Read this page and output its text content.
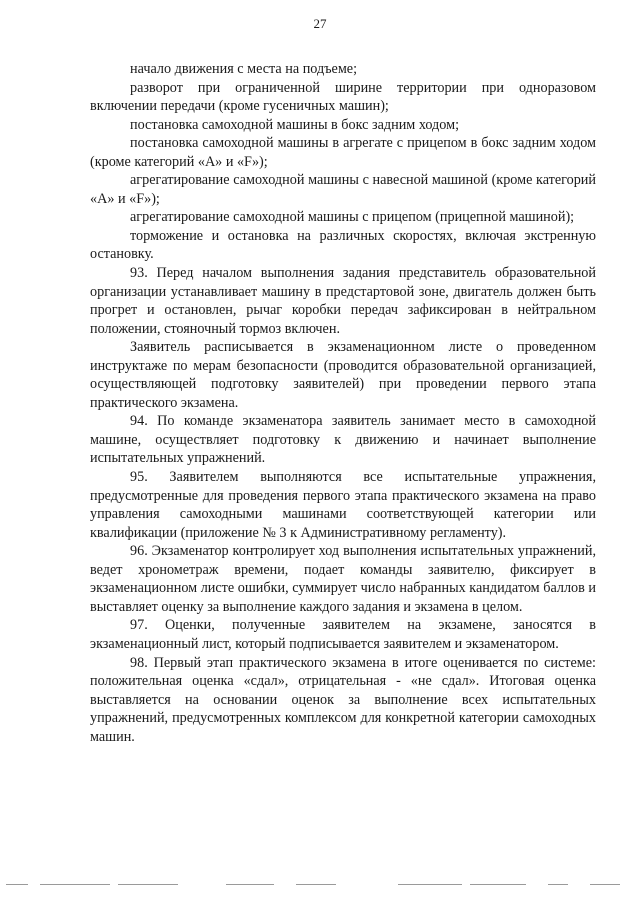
27

начало движения с места на подъеме;

разворот при ограниченной ширине территории при одноразовом включении передачи (кроме гусеничных машин);

постановка самоходной машины в бокс задним ходом;

постановка самоходной машины в агрегате с прицепом в бокс задним ходом (кроме категорий «A» и «F»);

агрегатирование самоходной машины с навесной машиной (кроме категорий «A» и «F»);

агрегатирование самоходной машины с прицепом (прицепной машиной);

торможение и остановка на различных скоростях, включая экстренную остановку.

93. Перед началом выполнения задания представитель образовательной организации устанавливает машину в предстартовой зоне, двигатель должен быть прогрет и остановлен, рычаг коробки передач зафиксирован в нейтральном положении, стояночный тормоз включен.

Заявитель расписывается в экзаменационном листе о проведенном инструктаже по мерам безопасности (проводится образовательной организацией, осуществляющей подготовку заявителей) при проведении первого этапа практического экзамена.

94. По команде экзаменатора заявитель занимает место в самоходной машине, осуществляет подготовку к движению и начинает выполнение испытательных упражнений.

95. Заявителем выполняются все испытательные упражнения, предусмотренные для проведения первого этапа практического экзамена на право управления самоходными машинами соответствующей категории или квалификации (приложение № 3 к Административному регламенту).

96. Экзаменатор контролирует ход выполнения испытательных упражнений, ведет хронометраж времени, подает команды заявителю, фиксирует в экзаменационном листе ошибки, суммирует число набранных кандидатом баллов и выставляет оценку за выполнение каждого задания и экзамена в целом.

97. Оценки, полученные заявителем на экзамене, заносятся в экзаменационный лист, который подписывается заявителем и экзаменатором.

98. Первый этап практического экзамена в итоге оценивается по системе: положительная оценка «сдал», отрицательная - «не сдал». Итоговая оценка выставляется на основании оценок за выполнение всех испытательных упражнений, предусмотренных комплексом для конкретной категории самоходных машин.
